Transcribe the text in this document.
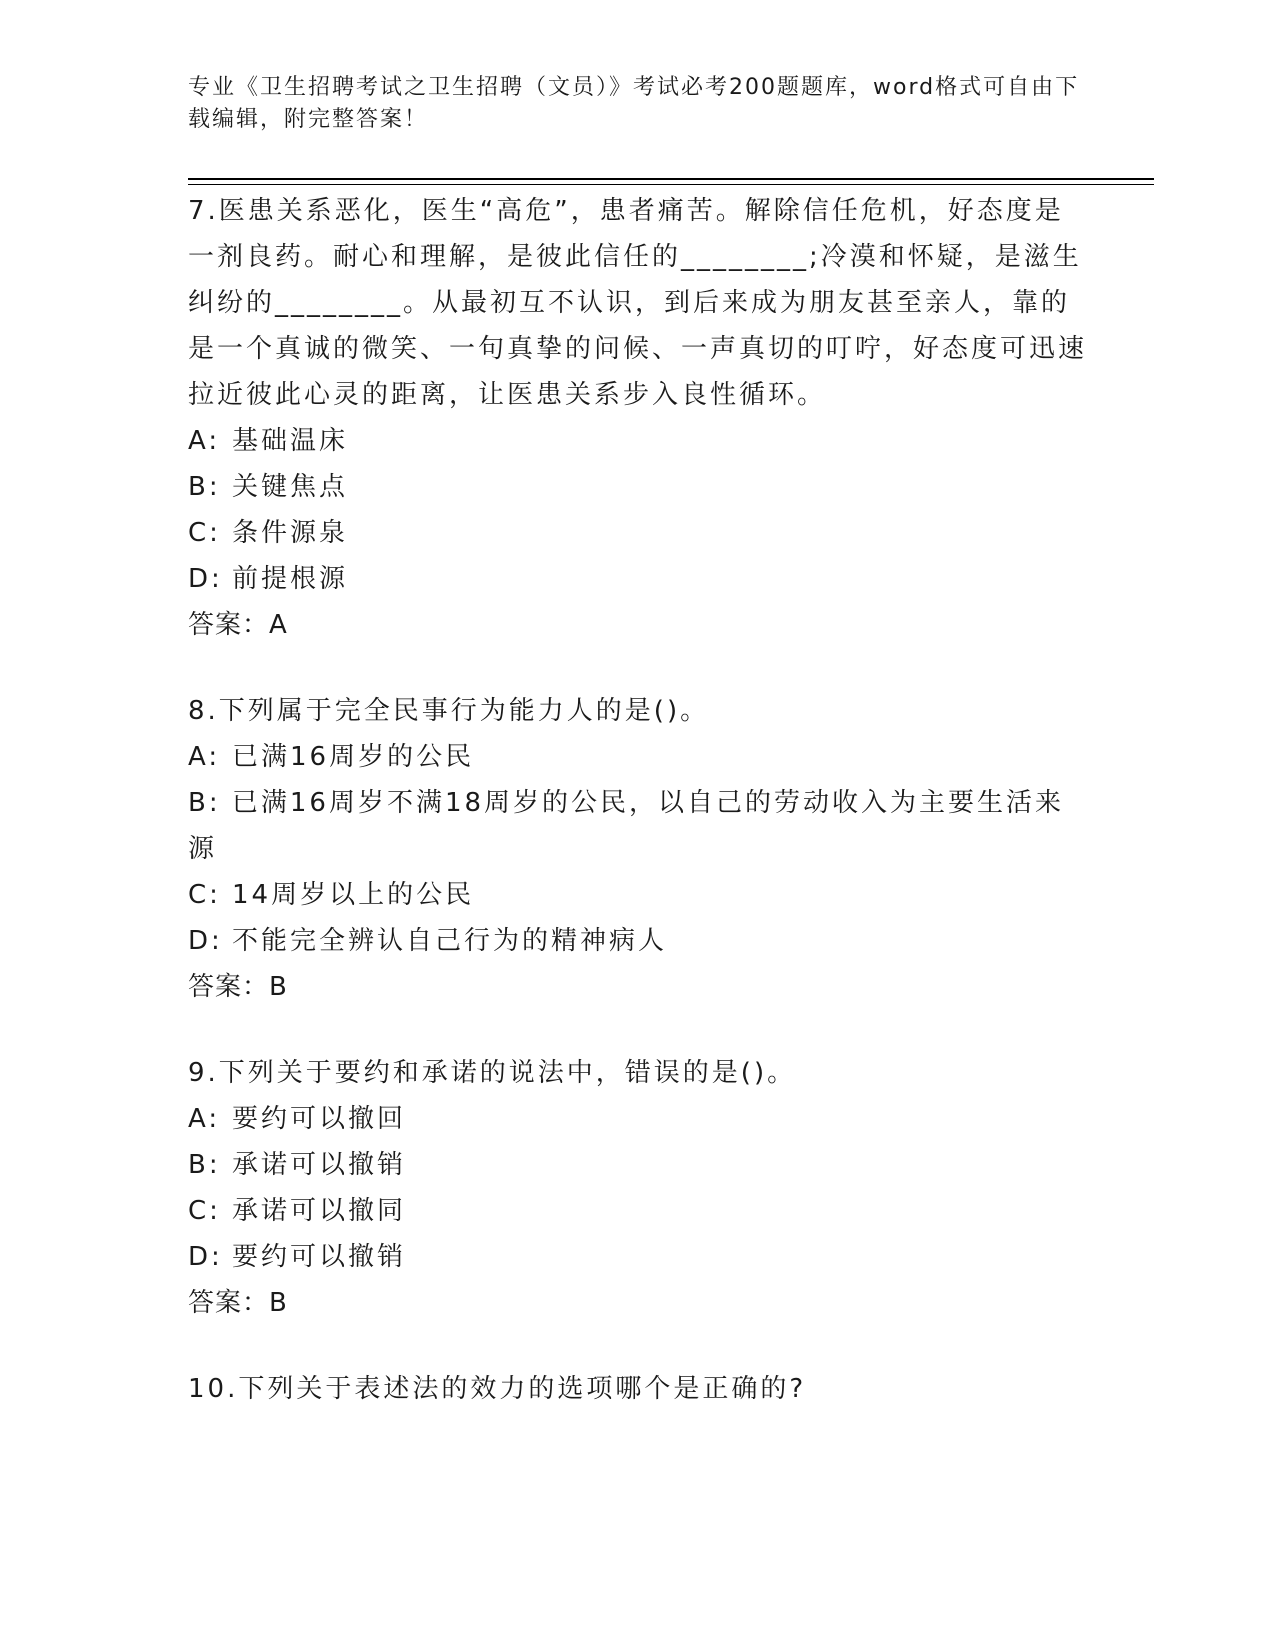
专业《卫生招聘考试之卫生招聘（文员）》考试必考200题题库，word格式可自由下载编辑，附完整答案！
7.医患关系恶化，医生“高危”，患者痛苦。解除信任危机，好态度是一剂良药。耐心和理解，是彼此信任的________;冷漠和怀疑，是滋生纠纷的________。从最初互不认识，到后来成为朋友甚至亲人，靠的是一个真诚的微笑、一句真挚的问候、一声真切的叮咛，好态度可迅速拉近彼此心灵的距离，让医患关系步入良性循环。
A: 基础温床
B: 关键焦点
C: 条件源泉
D: 前提根源
答案：A
8.下列属于完全民事行为能力人的是()。
A: 已满16周岁的公民
B: 已满16周岁不满18周岁的公民，以自己的劳动收入为主要生活来源
C: 14周岁以上的公民
D: 不能完全辨认自己行为的精神病人
答案：B
9.下列关于要约和承诺的说法中，错误的是()。
A: 要约可以撤回
B: 承诺可以撤销
C: 承诺可以撤同
D: 要约可以撤销
答案：B
10.下列关于表述法的效力的选项哪个是正确的?
